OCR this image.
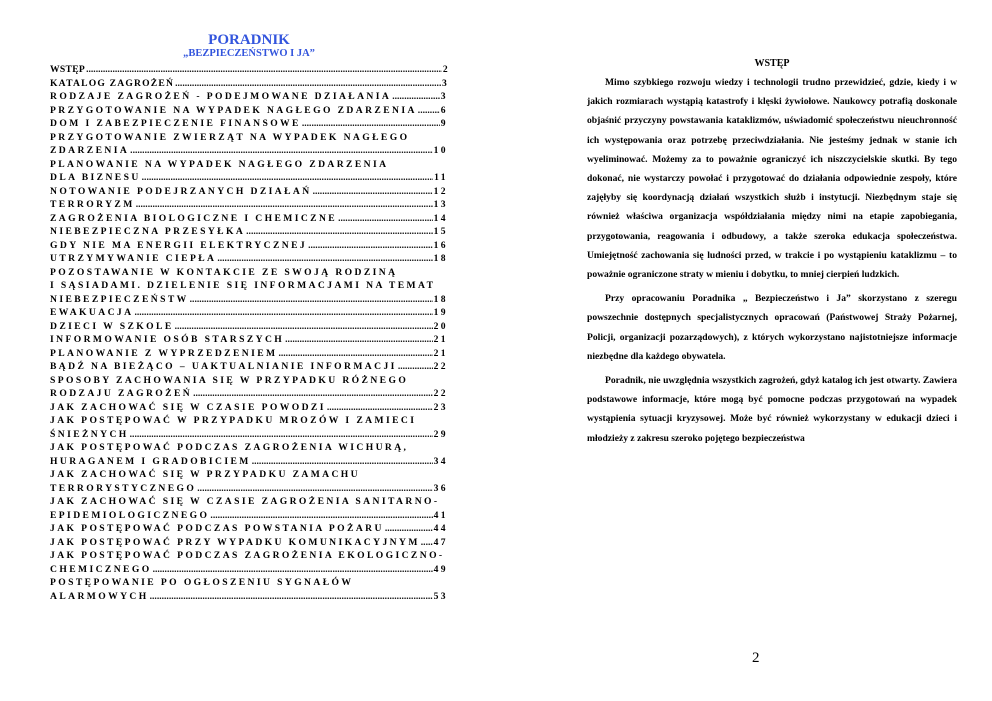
PORADNIK
„BEZPIECZEŃSTWO I JA”
WSTĘP .....	2
KATALOG ZAGROŻEŃ .....	3
RODZAJE ZAGROŻEŃ - PODEJMOWANE DZIAŁANIA .....	3
PRZYGOTOWANIE NA WYPADEK NAGŁEGO ZDARZENIA .....	6
DOM I ZABEZPIECZENIE FINANSOWE .....	9
PRZYGOTOWANIE ZWIERZĄT NA WYPADEK NAGŁEGO
ZDARZENIA .....	10
PLANOWANIE NA WYPADEK NAGŁEGO ZDARZENIA
DLA BIZNESU .....	11
NOTOWANIE PODEJRZANYCH DZIAŁAŃ .....	12
TERRORYZM .....	13
ZAGROŻENIA BIOLOGICZNE I CHEMICZNE .....	14
NIEBEZPIECZNA PRZESYŁKA .....	15
GDY NIE MA ENERGII ELEKTRYCZNEJ .....	16
UTRZYMYWANIE CIEPŁA .....	18
POZOSTAWANIE W KONTAKCIE ZE SWOJĄ RODZINĄ
I SĄSIADAMI. DZIELENIE SIĘ INFORMACJAMI NA TEMAT
NIEBEZPIECZEŃSTW .....	18
EWAKUACJA .....	19
DZIECI W SZKOLE .....	20
INFORMOWANIE OSÓB STARSZYCH .....	21
PLANOWANIE Z WYPRZEDZENIEM .....	21
BĄDŹ NA BIEŻĄCO – UAKTUALNIANIE INFORMACJI .....	22
SPOSOBY ZACHOWANIA SIĘ W PRZYPADKU RÓŻNEGO
RODZAJU ZAGROŻEŃ .....	22
JAK ZACHOWAĆ SIĘ W CZASIE POWODZI .....	23
JAK POSTĘPOWAĆ W PRZYPADKU MROZÓW I ZAMIECI
ŚNIEŻNYCH .....	29
JAK POSTĘPOWAĆ PODCZAS ZAGROŻENIA WICHURĄ,
HURAGANEM I GRADOBICIEM .....	34
JAK ZACHOWAĆ SIĘ W PRZYPADKU ZAMACHU
TERRORYSTYCZNEGO .....	36
JAK ZACHOWAĆ SIĘ W CZASIE ZAGROŻENIA SANITARNO-
EPIDEMIOLOGICZNEGO .....	41
JAK POSTĘPOWAĆ PODCZAS POWSTANIA POŻARU .....	44
JAK POSTĘPOWAĆ PRZY WYPADKU KOMUNIKACYJNYM ..... 47
JAK POSTĘPOWAĆ PODCZAS ZAGROŻENIA EKOLOGICZNO-
CHEMICZNEGO .....	49
POSTĘPOWANIE PO OGŁOSZENIU SYGNAŁÓW
ALARMOWYCH .....	53
WSTĘP

Mimo szybkiego rozwoju wiedzy i technologii trudno przewidzieć, gdzie, kiedy i w jakich rozmiarach wystąpią katastrofy i klęski żywiołowe. Naukowcy potrafią doskonale objaśnić przyczyny powstawania kataklizmów, uświadomić społeczeństwu nieuchronność ich występowania oraz potrzebę przeciwdziałania. Nie jesteśmy jednak w stanie ich wyeliminować. Możemy za to poważnie ograniczyć ich niszczycielskie skutki. By tego dokonać, nie wystarczy powołać i przygotować do działania odpowiednie zespoły, które zajęłyby się koordynacją działań wszystkich służb i instytucji. Niezbędnym staje się również właściwa organizacja współdziałania między nimi na etapie zapobiegania, przygotowania, reagowania i odbudowy, a także szeroka edukacja społeczeństwa. Umiejętność zachowania się ludności przed, w trakcie i po wystąpieniu kataklizmu – to poważnie ograniczone straty w mieniu i dobytku, to mniej cierpień ludzkich.

Przy opracowaniu Poradnika „ Bezpieczeństwo i Ja” skorzystano z szeregu powszechnie dostępnych specjalistycznych opracowań (Państwowej Straży Pożarnej, Policji, organizacji pozarządowych), z których wykorzystano najistotniejsze informacje niezbędne dla każdego obywatela.

Poradnik, nie uwzględnia wszystkich zagrożeń, gdyż katalog ich jest otwarty. Zawiera podstawowe informacje, które mogą być pomocne podczas przygotowań na wypadek wystąpienia sytuacji kryzysowej. Może być również wykorzystany w edukacji dzieci i młodzieży z zakresu szeroko pojętego bezpieczeństwa

2
